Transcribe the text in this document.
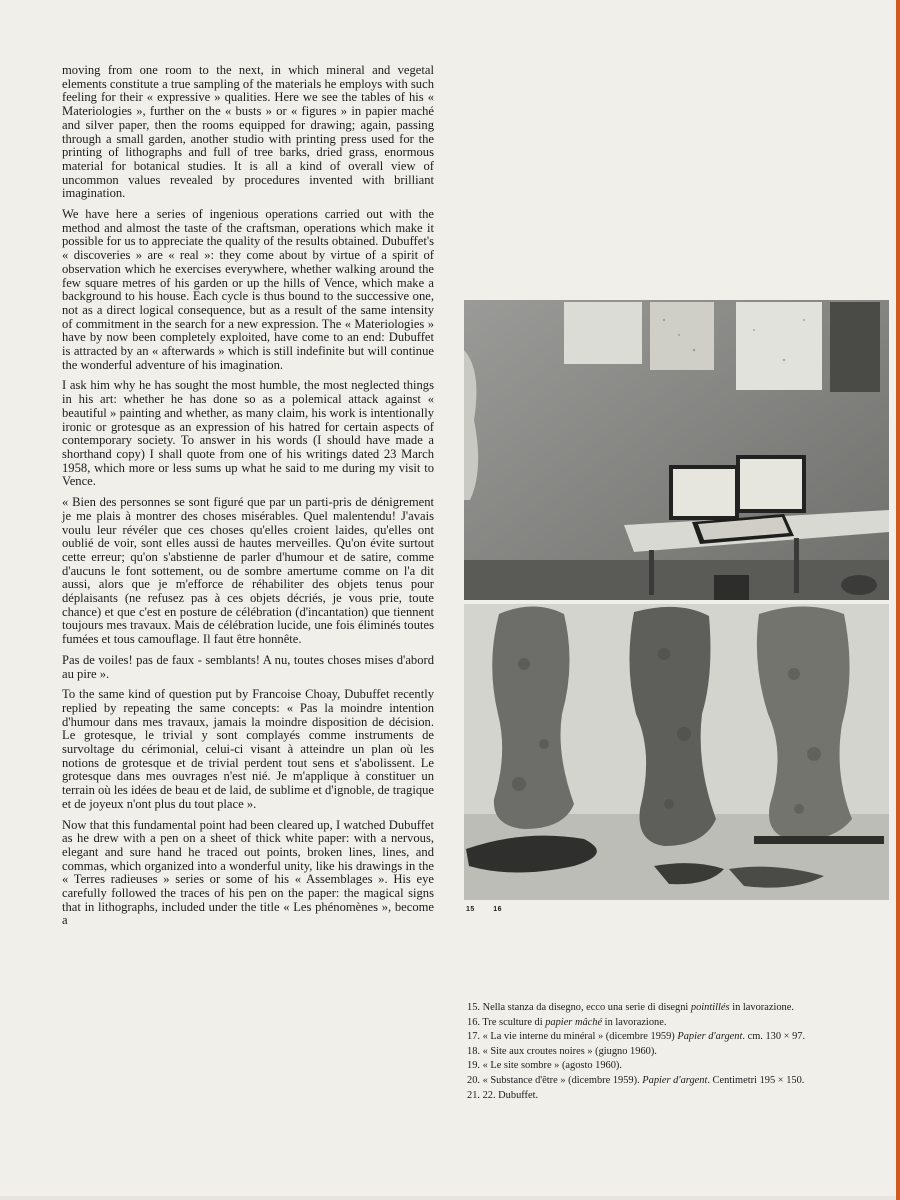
moving from one room to the next, in which mineral and vegetal elements constitute a true sampling of the materials he employs with such feeling for their « expressive » qualities. Here we see the tables of his « Materiologies », further on the « busts » or « figures » in papier maché and silver paper, then the rooms equipped for drawing; again, passing through a small garden, another studio with printing press used for the printing of lithographs and full of tree barks, dried grass, enormous material for botanical studies. It is all a kind of overall view of uncommon values revealed by procedures invented with brilliant imagination.

We have here a series of ingenious operations carried out with the method and almost the taste of the craftsman, operations which make it possible for us to appreciate the quality of the results obtained. Dubuffet's « discoveries » are « real »: they come about by virtue of a spirit of observation which he exercises everywhere, whether walking around the few square metres of his garden or up the hills of Vence, which make a background to his house. Each cycle is thus bound to the successive one, not as a direct logical consequence, but as a result of the same intensity of commitment in the search for a new expression. The « Materiologies » have by now been completely exploited, have come to an end: Dubuffet is attracted by an « afterwards » which is still indefinite but will continue the wonderful adventure of his imagination.

I ask him why he has sought the most humble, the most neglected things in his art: whether he has done so as a polemical attack against « beautiful » painting and whether, as many claim, his work is intentionally ironic or grotesque as an expression of his hatred for certain aspects of contemporary society. To answer in his words (I should have made a shorthand copy) I shall quote from one of his writings dated 23 March 1958, which more or less sums up what he said to me during my visit to Vence.

« Bien des personnes se sont figuré que par un parti-pris de dénigrement je me plais à montrer des choses misérables. Quel malentendu! J'avais voulu leur révéler que ces choses qu'elles croient laides, qu'elles ont oublié de voir, sont elles aussi de hautes merveilles. Qu'on évite surtout cette erreur; qu'on s'abstienne de parler d'humour et de satire, comme d'aucuns le font sottement, ou de sombre amertume comme on l'a dit aussi, alors que je m'efforce de réhabiliter des objets tenus pour déplaisants (ne refusez pas à ces objets décriés, je vous prie, toute chance) et que c'est en posture de célébration (d'incantation) que tiennent toujours mes travaux. Mais de célébration lucide, une fois éliminés toutes fumées et tous camouflage. Il faut être honnête.

Pas de voiles! pas de faux - semblants! A nu, toutes choses mises d'abord au pire ».

To the same kind of question put by Francoise Choay, Dubuffet recently replied by repeating the same concepts: « Pas la moindre intention d'humour dans mes travaux, jamais la moindre disposition de décision. Le grotesque, le trivial y sont complayés comme instruments de survoltage du cérimonial, celui-ci visant à atteindre un plan où les notions de grotesque et de trivial perdent tout sens et s'abolissent. Le grotesque dans mes ouvrages n'est nié. Je m'applique à constituer un terrain où les idées de beau et de laid, de sublime et d'ignoble, de tragique et de joyeux n'ont plus du tout place ».

Now that this fundamental point had been cleared up, I watched Dubuffet as he drew with a pen on a sheet of thick white paper: with a nervous, elegant and sure hand he traced out points, broken lines, lines, and commas, which organized into a wonderful unity, like his drawings in the « Terres radieuses » series or some of his « Assemblages ». His eye carefully followed the traces of his pen on the paper: the magical signs that in lithographs, included under the title « Les phénomènes », become a

15	16
15. Nella stanza da disegno, ecco una serie di disegni pointillés in lavorazione.
16. Tre sculture di papier mâché in lavorazione.
17. « La vie interne du minéral » (dicembre 1959) Papier d'argent. cm. 130 × 97.
18. « Site aux croutes noires » (giugno 1960).
19. « Le site sombre » (agosto 1960).
20. « Substance d'être » (dicembre 1959). Papier d'argent. Centimetri 195 × 150.
21. 22. Dubuffet.
